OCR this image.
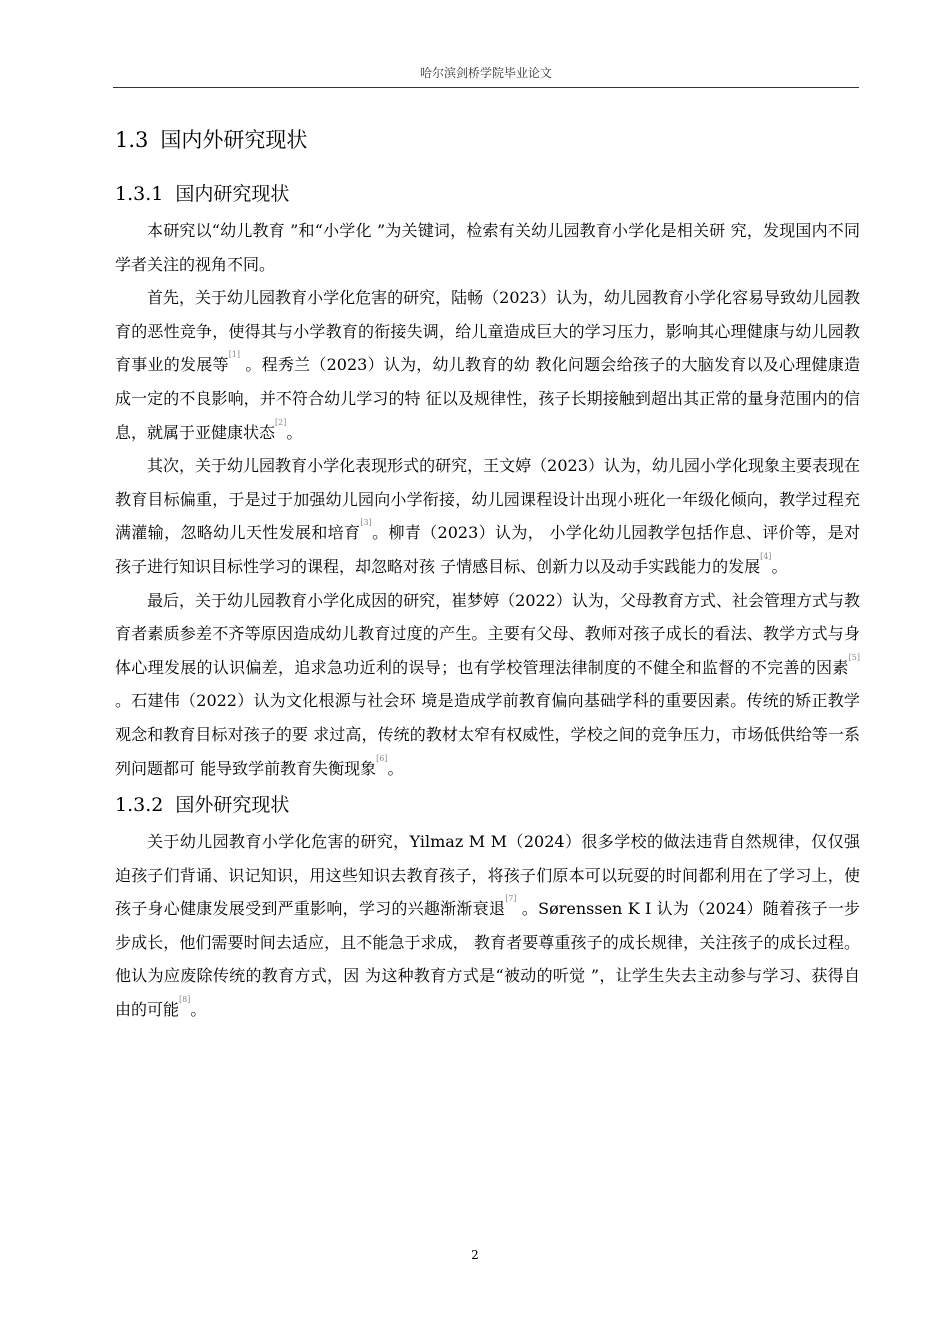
哈尔滨剑桥学院毕业论文
1.3 国内外研究现状
1.3.1 国内研究现状

本研究以“幼儿教育 ”和“小学化 ”为关键词，检索有关幼儿园教育小学化是相关研 究，发现国内不同学者关注的视角不同。

首先，关于幼儿园教育小学化危害的研究，陆畅（2023）认为，幼儿园教育小学化容易导致幼儿园教育的恶性竞争，使得其与小学教育的衔接失调，给儿童造成巨大的学习压力，影响其心理健康与幼儿园教育事业的发展等[1] 。程秀兰（2023）认为，幼儿教育的幼 教化问题会给孩子的大脑发育以及心理健康造成一定的不良影响，并不符合幼儿学习的特 征以及规律性，孩子长期接触到超出其正常的量身范围内的信息，就属于亚健康状态[2]。

其次，关于幼儿园教育小学化表现形式的研究，王文婷（2023）认为，幼儿园小学化现象主要表现在教育目标偏重，于是过于加强幼儿园向小学衔接，幼儿园课程设计出现小班化一年级化倾向，教学过程充满灌输，忽略幼儿天性发展和培育[3]。柳青（2023）认为， 小学化幼儿园教学包括作息、评价等，是对孩子进行知识目标性学习的课程，却忽略对孩 子情感目标、创新力以及动手实践能力的发展[4]。

最后，关于幼儿园教育小学化成因的研究，崔梦婷（2022）认为，父母教育方式、社会管理方式与教育者素质参差不齐等原因造成幼儿教育过度的产生。主要有父母、教师对孩子成长的看法、教学方式与身体心理发展的认识偏差，追求急功近利的误导；也有学校管理法律制度的不健全和监督的不完善的因素[5] 。石建伟（2022）认为文化根源与社会环 境是造成学前教育偏向基础学科的重要因素。传统的矫正教学观念和教育目标对孩子的要 求过高，传统的教材太窄有权威性，学校之间的竞争压力，市场低供给等一系列问题都可 能导致学前教育失衡现象[6]。

1.3.2 国外研究现状

关于幼儿园教育小学化危害的研究，Yilmaz M M（2024）很多学校的做法违背自然规律，仅仅强迫孩子们背诵、识记知识，用这些知识去教育孩子，将孩子们原本可以玩耍的时间都利用在了学习上，使孩子身心健康发展受到严重影响，学习的兴趣渐渐衰退[7] 。Sørenssen K I 认为（2024）随着孩子一步步成长，他们需要时间去适应，且不能急于求成， 教育者要尊重孩子的成长规律，关注孩子的成长过程。他认为应废除传统的教育方式，因 为这种教育方式是“被动的听觉 ”，让学生失去主动参与学习、获得自由的可能[8]。

2
